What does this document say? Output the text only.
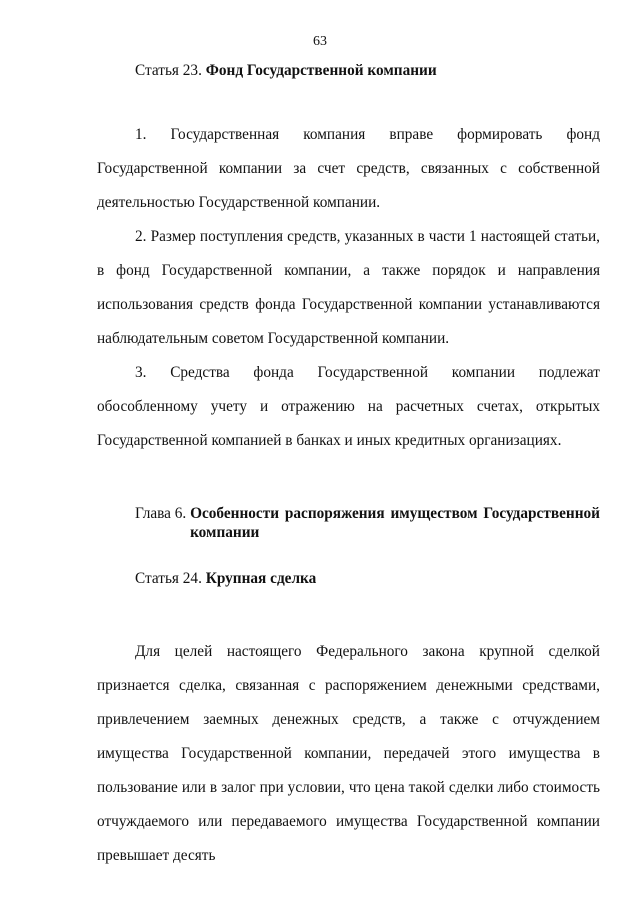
63
Статья 23. Фонд Государственной компании

1. Государственная компания вправе формировать фонд Государственной компании за счет средств, связанных с собственной деятельностью Государственной компании.

2. Размер поступления средств, указанных в части 1 настоящей статьи, в фонд Государственной компании, а также порядок и направления использования средств фонда Государственной компании устанавливаются наблюдательным советом Государственной компании.

3. Средства фонда Государственной компании подлежат обособленному учету и отражению на расчетных счетах, открытых Государственной компанией в банках и иных кредитных организациях.

Глава 6. Особенности распоряжения имуществом Государственной компании
Статья 24. Крупная сделка

Для целей настоящего Федерального закона крупной сделкой признается сделка, связанная с распоряжением денежными средствами, привлечением заемных денежных средств, а также с отчуждением имущества Государственной компании, передачей этого имущества в пользование или в залог при условии, что цена такой сделки либо стоимость отчуждаемого или передаваемого имущества Государственной компании превышает десять
